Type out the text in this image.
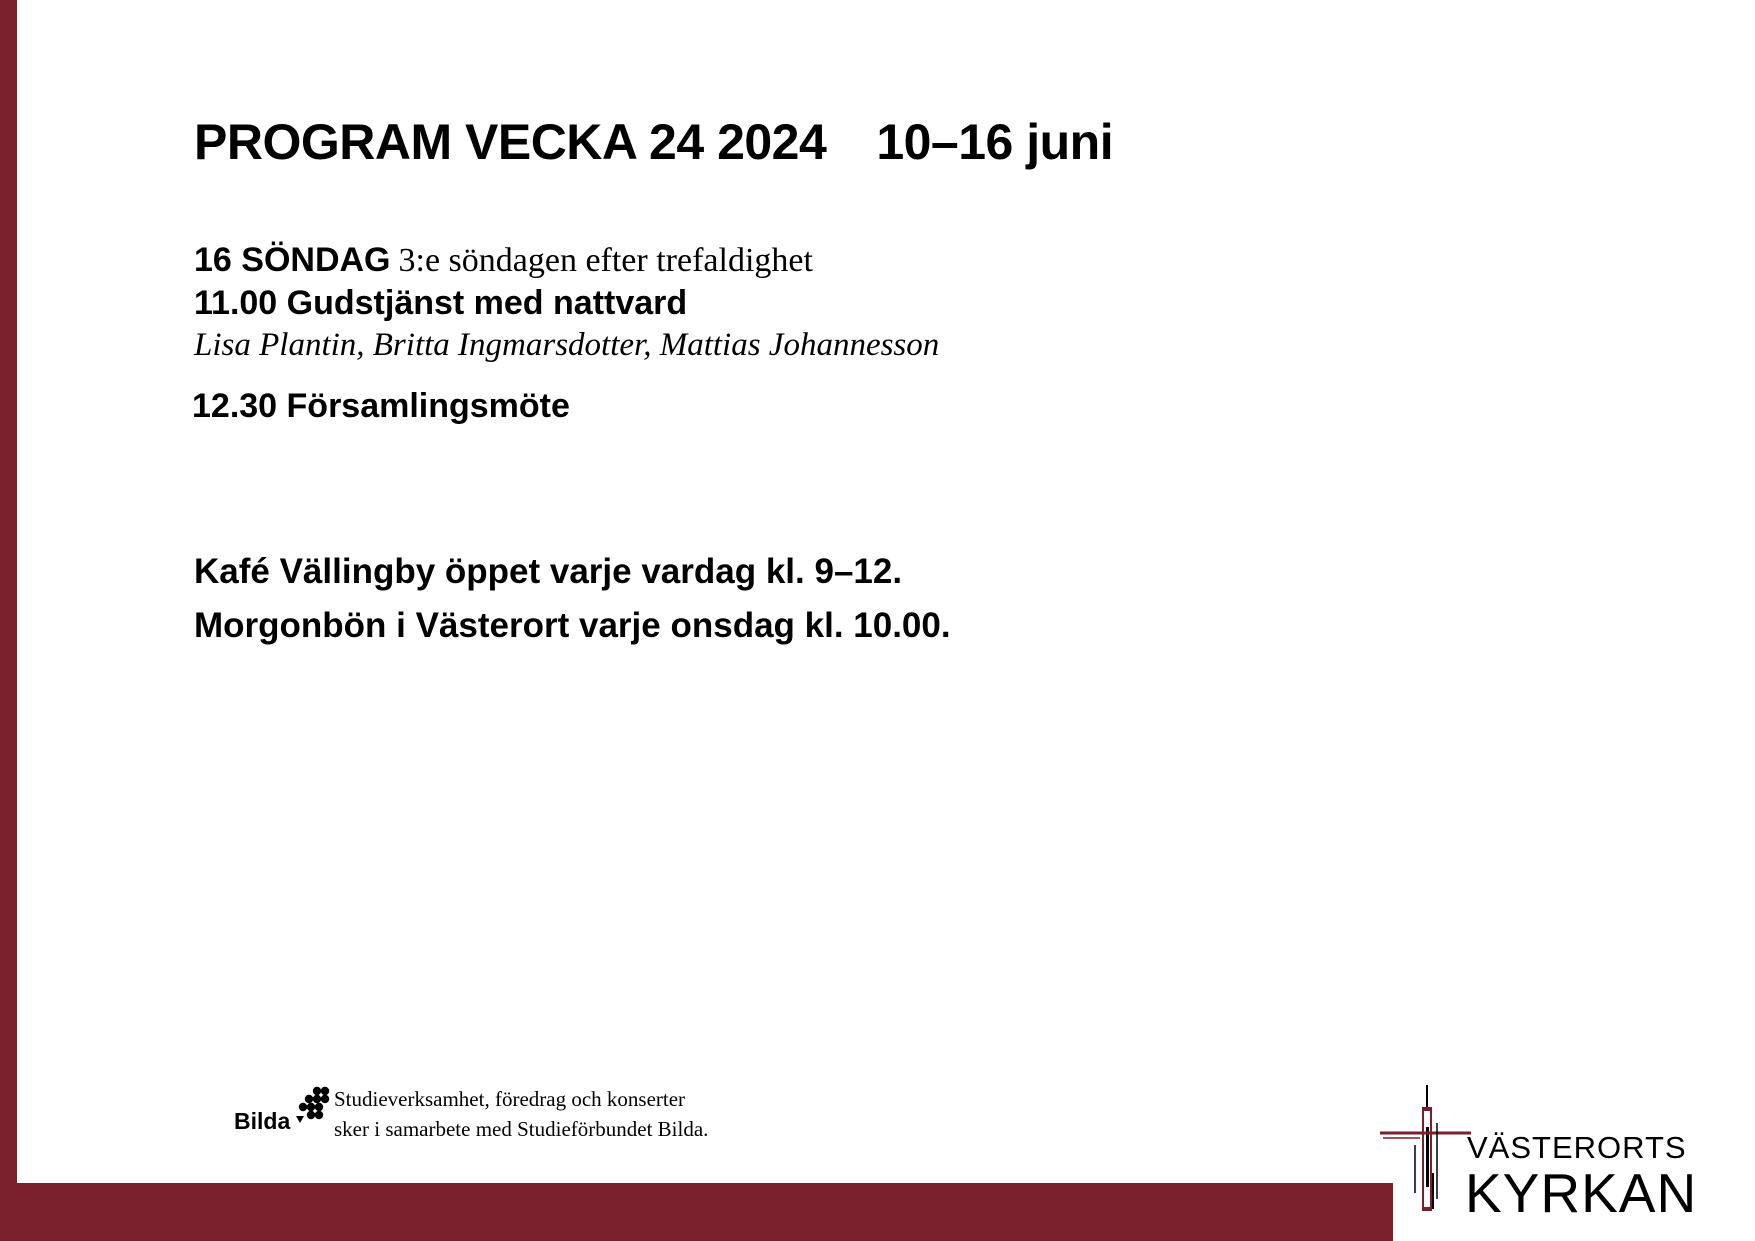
PROGRAM VECKA 24 2024 10–16 juni
16 SÖNDAG 3:e söndagen efter trefaldighet
11.00 Gudstjänst med nattvard
Lisa Plantin, Britta Ingmarsdotter, Mattias Johannesson
12.30 Församlingsmöte
Kafé Vällingby öppet varje vardag kl. 9–12.
Morgonbön i Västerort varje onsdag kl. 10.00.
Bilda
Studieverksamhet, föredrag och konserter
sker i samarbete med Studieförbundet Bilda.
VÄSTERORTS
KYRKAN
